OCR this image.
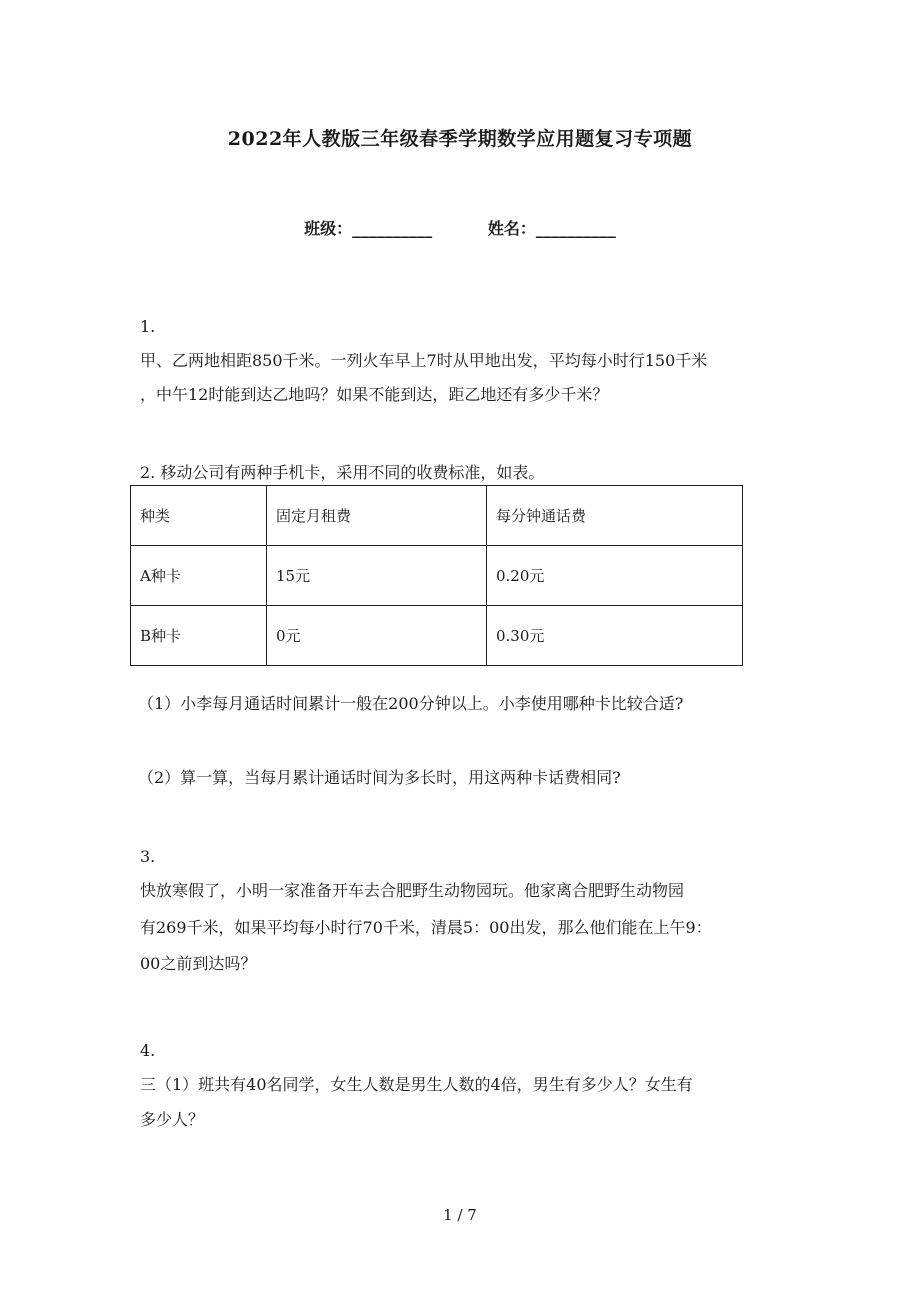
2022年人教版三年级春季学期数学应用题复习专项题
班级：__________	姓名：__________
1.
甲、乙两地相距850千米。一列火车早上7时从甲地出发，平均每小时行150千米
，中午12时能到达乙地吗？如果不能到达，距乙地还有多少千米？
2. 移动公司有两种手机卡，采用不同的收费标准，如表。
种类	固定月租费	每分钟通话费
A种卡	15元	0.20元
B种卡	0元	0.30元
（1）小李每月通话时间累计一般在200分钟以上。小李使用哪种卡比较合适?
（2）算一算，当每月累计通话时间为多长时，用这两种卡话费相同?
3.
快放寒假了，小明一家准备开车去合肥野生动物园玩。他家离合肥野生动物园
有269千米，如果平均每小时行70千米，清晨5：00出发，那么他们能在上午9：
00之前到达吗？
4.
三（1）班共有40名同学，女生人数是男生人数的4倍，男生有多少人？女生有
多少人？
1 / 7
